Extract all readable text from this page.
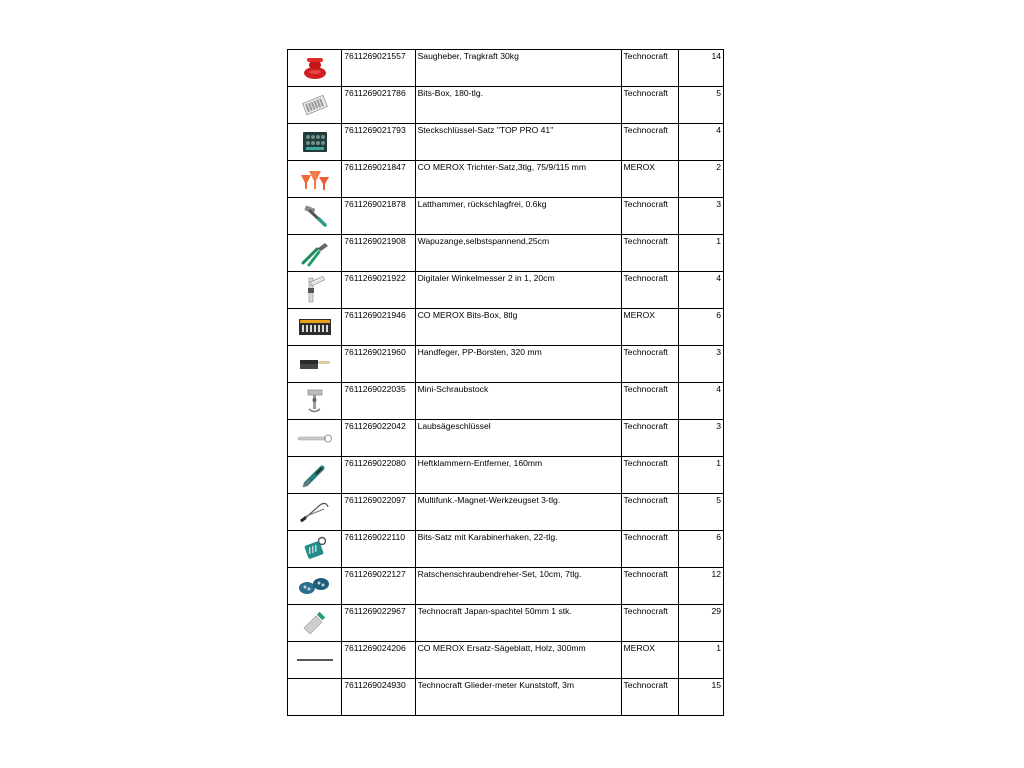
	7611269021557	Saugheber, Tragkraft 30kg	Technocraft	14

	7611269021786	Bits-Box, 180-tlg.	Technocraft	5

	7611269021793	Steckschlüssel-Satz "TOP PRO 41"	Technocraft	4

	7611269021847	CO MEROX Trichter-Satz,3tlg, 75/9/115 mm	MEROX	2

	7611269021878	Latthammer, rückschlagfrei, 0.6kg	Technocraft	3

	7611269021908	Wapuzange,selbstspannend,25cm	Technocraft	1

	7611269021922	Digitaler Winkelmesser 2 in 1, 20cm	Technocraft	4

	7611269021946	CO MEROX Bits-Box, 8tlg	MEROX	6

	7611269021960	Handfeger, PP-Borsten, 320 mm	Technocraft	3

	7611269022035	Mini-Schraubstock	Technocraft	4

	7611269022042	Laubsägeschlüssel	Technocraft	3

	7611269022080	Heftklammern-Entferner, 160mm	Technocraft	1

	7611269022097	Multifunk.-Magnet-Werkzeugset 3-tlg.	Technocraft	5

	7611269022110	Bits-Satz mit Karabinerhaken, 22-tlg.	Technocraft	6

	7611269022127	Ratschenschraubendreher-Set, 10cm, 7tlg.	Technocraft	12

	7611269022967	Technocraft Japan-spachtel 50mm 1 stk.	Technocraft	29

	7611269024206	CO MEROX Ersatz-Sägeblatt, Holz, 300mm	MEROX	1
	7611269024930	Technocraft Glieder-meter Kunststoff, 3m	Technocraft	15
